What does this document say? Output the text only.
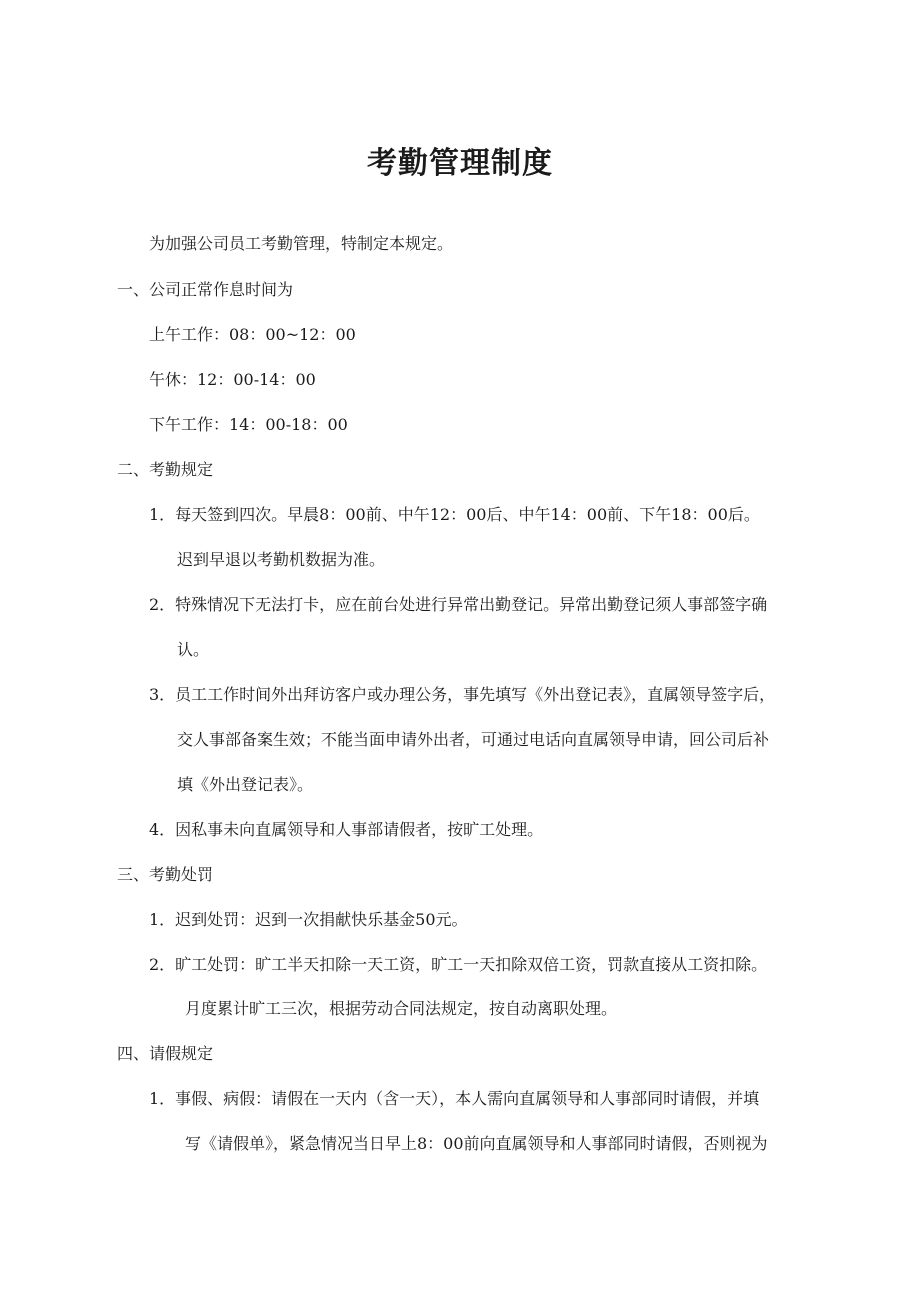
考勤管理制度

为加强公司员工考勤管理，特制定本规定。

一、公司正常作息时间为

上午工作：08：00~12：00

午休：12：00-14：00

下午工作：14：00-18：00

二、考勤规定

1．每天签到四次。早晨8：00前、中午12：00后、中午14：00前、下午18：00后。

迟到早退以考勤机数据为准。

2．特殊情况下无法打卡，应在前台处进行异常出勤登记。异常出勤登记须人事部签字确

认。

3．员工工作时间外出拜访客户或办理公务，事先填写《外出登记表》，直属领导签字后，

交人事部备案生效；不能当面申请外出者，可通过电话向直属领导申请，回公司后补

填《外出登记表》。

4．因私事未向直属领导和人事部请假者，按旷工处理。

三、考勤处罚

1．迟到处罚：迟到一次捐献快乐基金50元。

2．旷工处罚：旷工半天扣除一天工资，旷工一天扣除双倍工资，罚款直接从工资扣除。

月度累计旷工三次，根据劳动合同法规定，按自动离职处理。

四、请假规定

1．事假、病假：请假在一天内（含一天），本人需向直属领导和人事部同时请假，并填

写《请假单》，紧急情况当日早上8：00前向直属领导和人事部同时请假，否则视为
